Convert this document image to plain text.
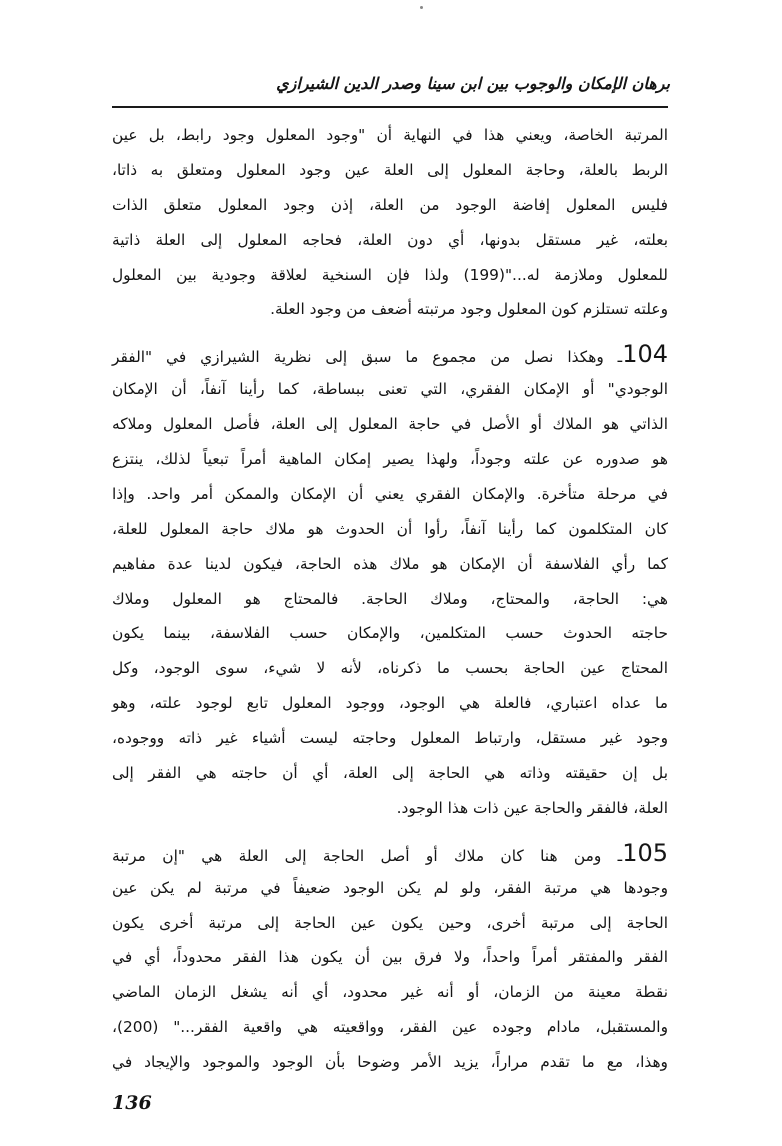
برهان الإمكان والوجوب بين ابن سينا وصدر الدين الشيرازي
المرتبة الخاصة، ويعني هذا في النهاية أن "وجود المعلول وجود رابط، بل عين
الربط بالعلة، وحاجة المعلول إلى العلة عين وجود المعلول ومتعلق به ذاتا،
فليس المعلول إفاضة الوجود من العلة، إذن وجود المعلول متعلق الذات
بعلته، غير مستقل بدونها، أي دون العلة، فحاجه المعلول إلى العلة ذاتية
للمعلول وملازمة له..."(199) ولذا فإن السنخية لعلاقة وجودية بين المعلول
وعلته تستلزم كون المعلول وجود مرتبته أضعف من وجود العلة.
104ـ وهكذا نصل من مجموع ما سبق إلى نظرية الشيرازي في "الفقر
الوجودي" أو الإمكان الفقري، التي تعنى ببساطة، كما رأينا آنفاً، أن الإمكان
الذاتي هو الملاك أو الأصل في حاجة المعلول إلى العلة، فأصل المعلول وملاكه
هو صدوره عن علته وجوداً، ولهذا يصير إمكان الماهية أمراً تبعياً لذلك، ينتزع
في مرحلة متأخرة. والإمكان الفقري يعني أن الإمكان والممكن أمر واحد. وإذا
كان المتكلمون كما رأينا آنفاً، رأوا أن الحدوث هو ملاك حاجة المعلول للعلة،
كما رأي الفلاسفة أن الإمكان هو ملاك هذه الحاجة، فيكون لدينا عدة مفاهيم
هي: الحاجة، والمحتاج، وملاك الحاجة. فالمحتاج هو المعلول وملاك
حاجته الحدوث حسب المتكلمين، والإمكان حسب الفلاسفة، بينما يكون
المحتاج عين الحاجة بحسب ما ذكرناه، لأنه لا شيء، سوى الوجود، وكل
ما عداه اعتباري، فالعلة هي الوجود، ووجود المعلول تابع لوجود علته، وهو
وجود غير مستقل، وارتباط المعلول وحاجته ليست أشياء غير ذاته ووجوده،
بل إن حقيقته وذاته هي الحاجة إلى العلة، أي أن حاجته هي الفقر إلى
العلة، فالفقر والحاجة عين ذات هذا الوجود.
105ـ ومن هنا كان ملاك أو أصل الحاجة إلى العلة هي "إن مرتبة
وجودها هي مرتبة الفقر، ولو لم يكن الوجود ضعيفاً في مرتبة لم يكن عين
الحاجة إلى مرتبة أخرى، وحين يكون عين الحاجة إلى مرتبة أخرى يكون
الفقر والمفتقر أمراً واحداً، ولا فرق بين أن يكون هذا الفقر محدوداً، أي في
نقطة معينة من الزمان، أو أنه غير محدود، أي أنه يشغل الزمان الماضي
والمستقبل، مادام وجوده عين الفقر، وواقعيته هي واقعية الفقر..." (200)،
وهذا، مع ما تقدم مراراً، يزيد الأمر وضوحا بأن الوجود والموجود والإيجاد في
136
